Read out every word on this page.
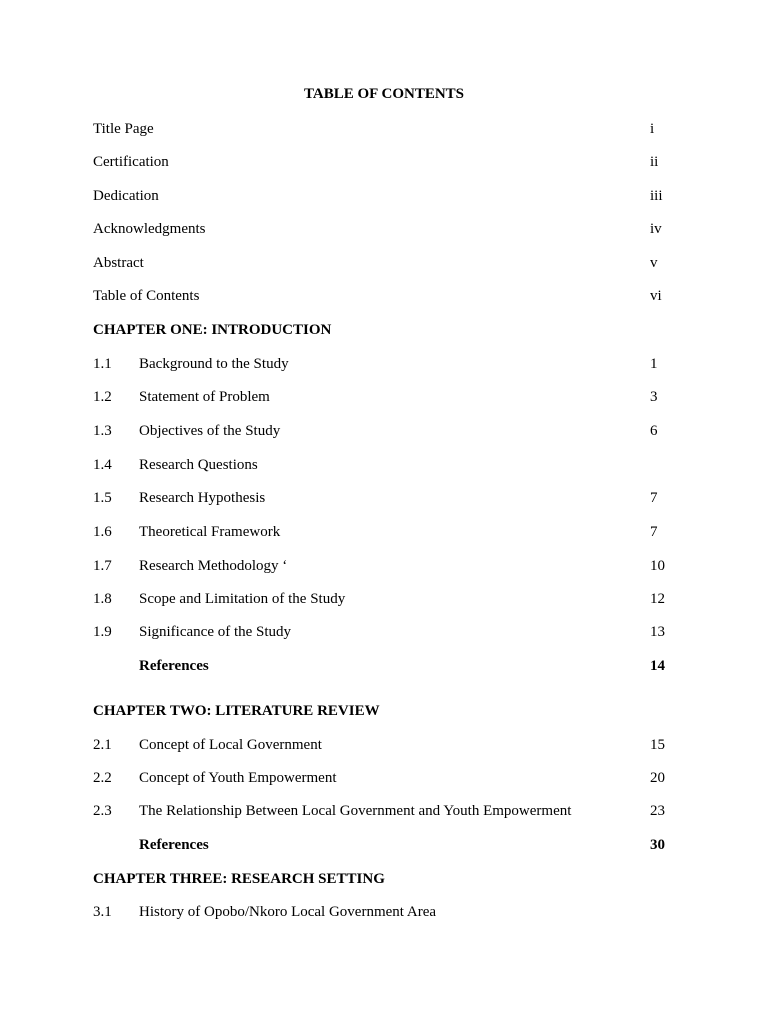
TABLE OF CONTENTS
Title Page	i
Certification	ii
Dedication	iii
Acknowledgments	iv
Abstract	v
Table of Contents	vi
CHAPTER ONE: INTRODUCTION
1.1 Background to the Study	1
1.2 Statement of Problem	3
1.3 Objectives of the Study	6
1.4 Research Questions
1.5 Research Hypothesis	7
1.6 Theoretical Framework	7
1.7 Research Methodology ‘	10
1.8 Scope and Limitation of the Study	12
1.9 Significance of the Study	13
References	14
CHAPTER TWO: LITERATURE REVIEW
2.1 Concept of Local Government	15
2.2 Concept of Youth Empowerment	20
2.3 The Relationship Between Local Government and Youth Empowerment	23
References	30
CHAPTER THREE: RESEARCH SETTING
3.1 History of Opobo/Nkoro Local Government Area
